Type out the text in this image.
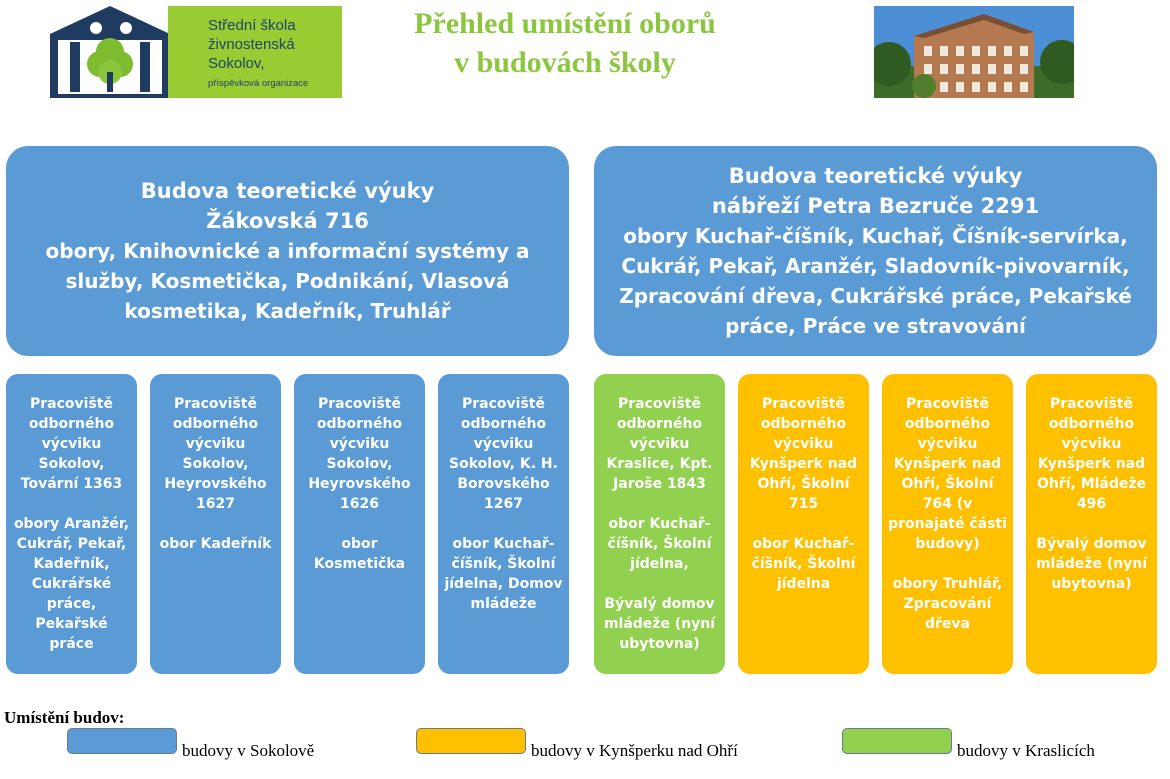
Střední škola
živnostenská
Sokolov,
příspěvková organizace
Přehled umístění oborů
v budovách školy
Budova teoretické výuky
Žákovská 716
obory, Knihovnické a informační systémy a služby, Kosmetička, Podnikání, Vlasová kosmetika, Kadeřník, Truhlář
Budova teoretické výuky
nábřeží Petra Bezruče 2291
obory Kuchař-číšník, Kuchař, Číšník-servírka, Cukrář, Pekař, Aranžér, Sladovník-pivovarník, Zpracování dřeva, Cukrářské práce, Pekařské práce, Práce ve stravování
Pracoviště odborného výcviku Sokolov, Tovární 1363
obory Aranžér, Cukrář, Pekař, Kadeřník, Cukrářské práce, Pekařské práce
Pracoviště odborného výcviku Sokolov, Heyrovského 1627
obor Kadeřník
Pracoviště odborného výcviku Sokolov, Heyrovského 1626
obor Kosmetička
Pracoviště odborného výcviku Sokolov, K. H. Borovského 1267
obor Kuchař-číšník, Školní jídelna, Domov mládeže
Pracoviště odborného výcviku Kraslice, Kpt. Jaroše 1843
obor Kuchař-číšník, Školní jídelna,
Bývalý domov mládeže (nyní ubytovna)
Pracoviště odborného výcviku Kynšperk nad Ohří, Školní 715
obor Kuchař-číšník, Školní jídelna
Pracoviště odborného výcviku Kynšperk nad Ohří, Školní 764 (v pronajaté části budovy)
obory Truhlář, Zpracování dřeva
Pracoviště odborného výcviku Kynšperk nad Ohří, Mládeže 496
Bývalý domov mládeže (nyní ubytovna)
Umístění budov:
budovy v Sokolově	budovy v Kynšperku nad Ohří	budovy v Kraslicích
